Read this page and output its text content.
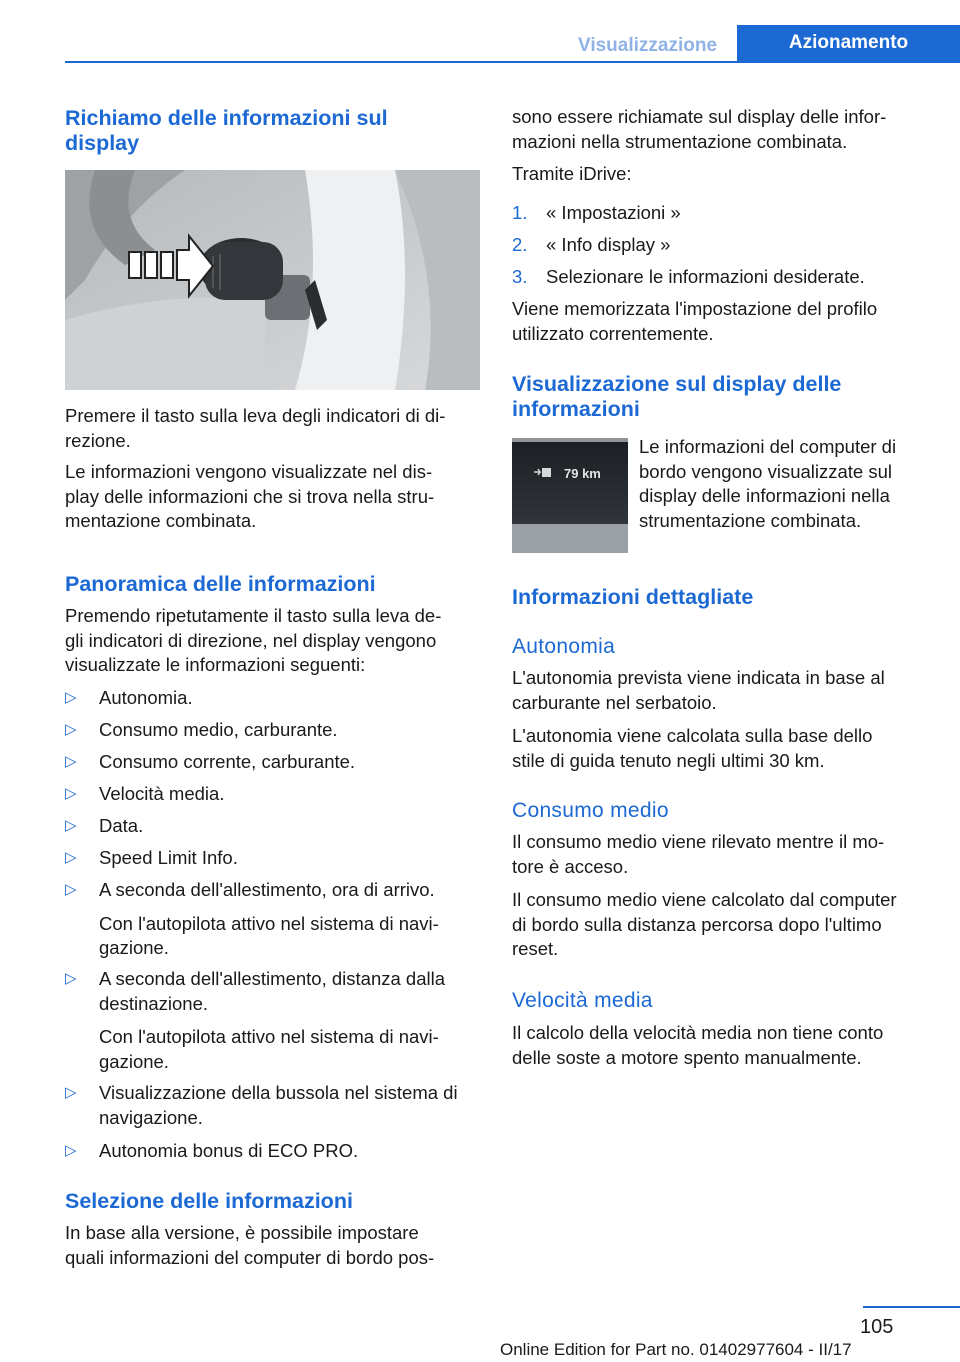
Visualizzazione	Azionamento
Richiamo delle informazioni sul display
Premere il tasto sulla leva degli indicatori di di-
rezione.
Le informazioni vengono visualizzate nel dis-
play delle informazioni che si trova nella stru-
mentazione combinata.
Panoramica delle informazioni
Premendo ripetutamente il tasto sulla leva de-
gli indicatori di direzione, nel display vengono
visualizzate le informazioni seguenti:
▷ Autonomia.
▷ Consumo medio, carburante.
▷ Consumo corrente, carburante.
▷ Velocità media.
▷ Data.
▷ Speed Limit Info.
▷ A seconda dell'allestimento, ora di arrivo.
Con l'autopilota attivo nel sistema di navi-
gazione.
▷ A seconda dell'allestimento, distanza dalla
destinazione.
Con l'autopilota attivo nel sistema di navi-
gazione.
▷ Visualizzazione della bussola nel sistema di
navigazione.
▷ Autonomia bonus di ECO PRO.
Selezione delle informazioni
In base alla versione, è possibile impostare
quali informazioni del computer di bordo pos-
sono essere richiamate sul display delle infor-
mazioni nella strumentazione combinata.
Tramite iDrive:
1. « Impostazioni »
2. « Info display »
3. Selezionare le informazioni desiderate.
Viene memorizzata l'impostazione del profilo
utilizzato correntemente.
Visualizzazione sul display delle informazioni
79 km
Le informazioni del computer di
bordo vengono visualizzate sul
display delle informazioni nella
strumentazione combinata.
Informazioni dettagliate
Autonomia
L'autonomia prevista viene indicata in base al
carburante nel serbatoio.
L'autonomia viene calcolata sulla base dello
stile di guida tenuto negli ultimi 30 km.
Consumo medio
Il consumo medio viene rilevato mentre il mo-
tore è acceso.
Il consumo medio viene calcolato dal computer
di bordo sulla distanza percorsa dopo l'ultimo
reset.
Velocità media
Il calcolo della velocità media non tiene conto
delle soste a motore spento manualmente.
105
Online Edition for Part no. 01402977604 - II/17
